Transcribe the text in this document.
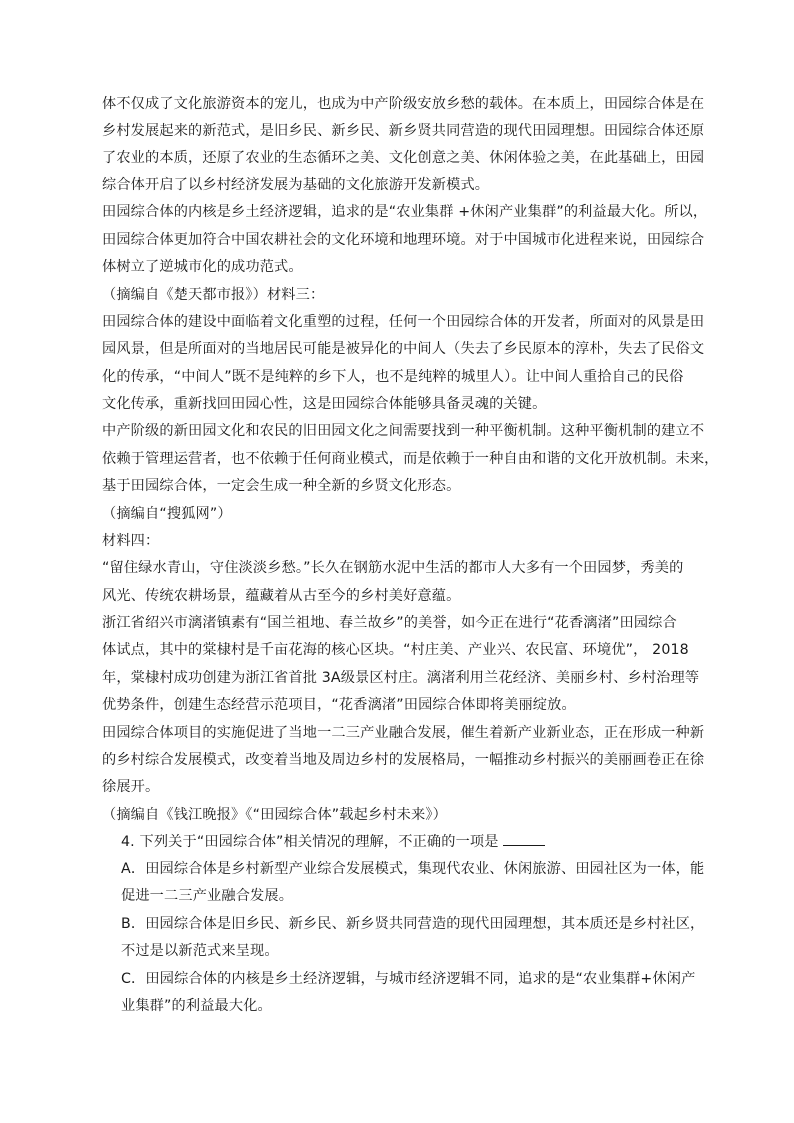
体不仅成了文化旅游资本的宠儿，也成为中产阶级安放乡愁的载体。在本质上，田园综合体是在
乡村发展起来的新范式，是旧乡民、新乡民、新乡贤共同营造的现代田园理想。田园综合体还原
了农业的本质，还原了农业的生态循环之美、文化创意之美、休闲体验之美，在此基础上，田园
综合体开启了以乡村经济发展为基础的文化旅游开发新模式。
田园综合体的内核是乡土经济逻辑，追求的是“农业集群 +休闲产业集群”的利益最大化。所以，
田园综合体更加符合中国农耕社会的文化环境和地理环境。对于中国城市化进程来说，田园综合
体树立了逆城市化的成功范式。
（摘编自《楚天都市报》）材料三：
田园综合体的建设中面临着文化重塑的过程，任何一个田园综合体的开发者，所面对的风景是田
园风景，但是所面对的当地居民可能是被异化的中间人（失去了乡民原本的淳朴，失去了民俗文
化的传承，“中间人”既不是纯粹的乡下人，也不是纯粹的城里人）。让中间人重拾自己的民俗
文化传承，重新找回田园心性，这是田园综合体能够具备灵魂的关键。
中产阶级的新田园文化和农民的旧田园文化之间需要找到一种平衡机制。这种平衡机制的建立不
依赖于管理运营者，也不依赖于任何商业模式，而是依赖于一种自由和谐的文化开放机制。未来，
基于田园综合体，一定会生成一种全新的乡贤文化形态。
（摘编自“搜狐网”）
材料四：
“留住绿水青山，守住淡淡乡愁。”长久在钢筋水泥中生活的都市人大多有一个田园梦，秀美的
风光、传统农耕场景，蕴藏着从古至今的乡村美好意蕴。
浙江省绍兴市漓渚镇素有“国兰祖地、春兰故乡”的美誉，如今正在进行“花香漓渚”田园综合
体试点，其中的棠棣村是千亩花海的核心区块。“村庄美、产业兴、农民富、环境优”， 2018
年，棠棣村成功创建为浙江省首批 3A级景区村庄。漓渚利用兰花经济、美丽乡村、乡村治理等
优势条件，创建生态经营示范项目，“花香漓渚”田园综合体即将美丽绽放。
田园综合体项目的实施促进了当地一二三产业融合发展，催生着新产业新业态，正在形成一种新
的乡村综合发展模式，改变着当地及周边乡村的发展格局，一幅推动乡村振兴的美丽画卷正在徐
徐展开。
（摘编自《钱江晚报》《“田园综合体”载起乡村未来》）
4. 下列关于“田园综合体”相关情况的理解，不正确的一项是
A．田园综合体是乡村新型产业综合发展模式，集现代农业、休闲旅游、田园社区为一体，能
促进一二三产业融合发展。
B．田园综合体是旧乡民、新乡民、新乡贤共同营造的现代田园理想，其本质还是乡村社区，
不过是以新范式来呈现。
C．田园综合体的内核是乡土经济逻辑，与城市经济逻辑不同，追求的是“农业集群+休闲产
业集群”的利益最大化。
